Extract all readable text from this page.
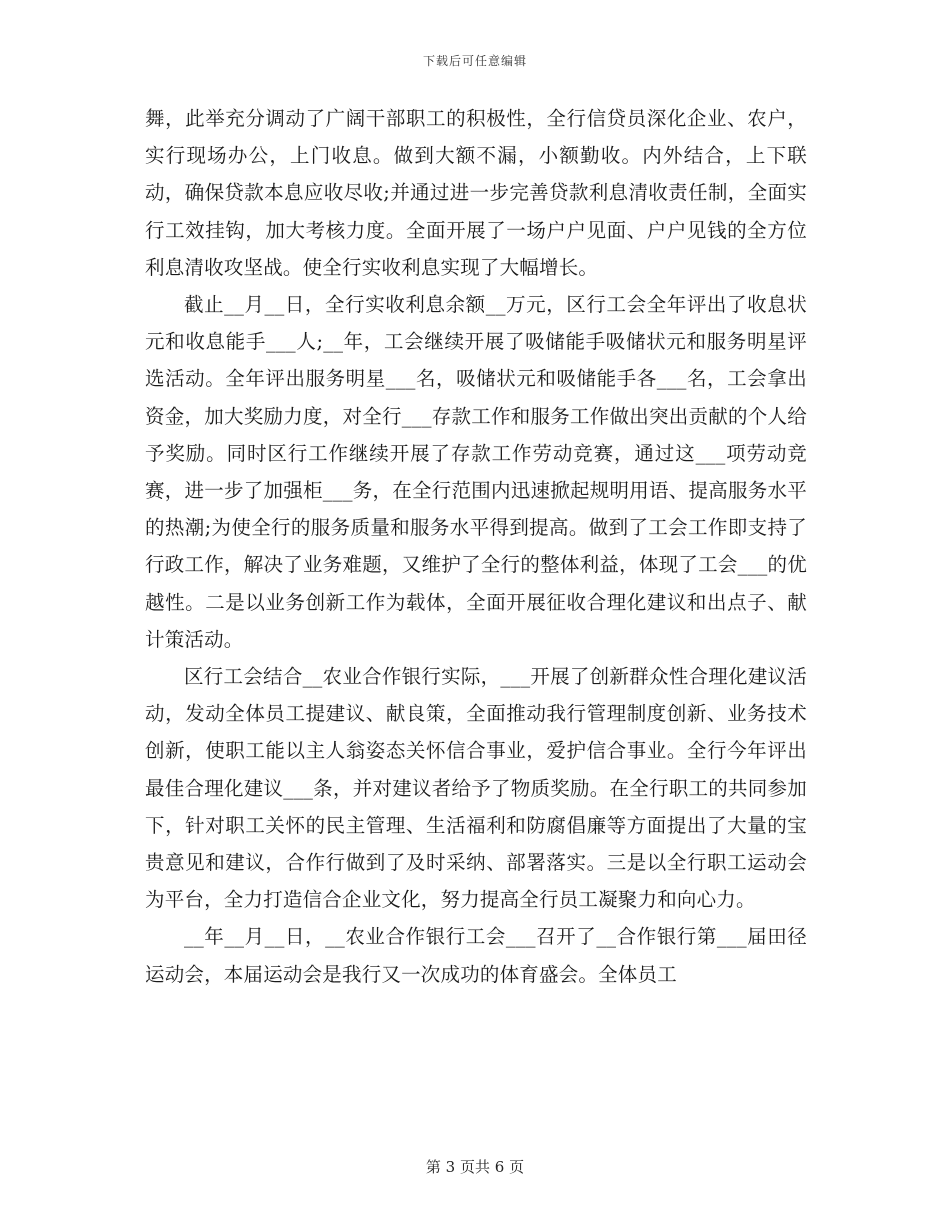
下载后可任意编辑

舞，此举充分调动了广阔干部职工的积极性，全行信贷员深化企业、农户，实行现场办公，上门收息。做到大额不漏，小额勤收。内外结合，上下联动，确保贷款本息应收尽收;并通过进一步完善贷款利息清收责任制，全面实行工效挂钩，加大考核力度。全面开展了一场户户见面、户户见钱的全方位利息清收攻坚战。使全行实收利息实现了大幅增长。

截止__月__日，全行实收利息余额__万元，区行工会全年评出了收息状元和收息能手___人;__年，工会继续开展了吸储能手吸储状元和服务明星评选活动。全年评出服务明星___名，吸储状元和吸储能手各___名，工会拿出资金，加大奖励力度，对全行___存款工作和服务工作做出突出贡献的个人给予奖励。同时区行工作继续开展了存款工作劳动竞赛，通过这___项劳动竞赛，进一步了加强柜___务，在全行范围内迅速掀起规明用语、提高服务水平的热潮;为使全行的服务质量和服务水平得到提高。做到了工会工作即支持了行政工作，解决了业务难题，又维护了全行的整体利益，体现了工会___的优越性。二是以业务创新工作为载体，全面开展征收合理化建议和出点子、献计策活动。

区行工会结合__农业合作银行实际，___开展了创新群众性合理化建议活动，发动全体员工提建议、献良策，全面推动我行管理制度创新、业务技术创新，使职工能以主人翁姿态关怀信合事业，爱护信合事业。全行今年评出最佳合理化建议___条，并对建议者给予了物质奖励。在全行职工的共同参加下，针对职工关怀的民主管理、生活福利和防腐倡廉等方面提出了大量的宝贵意见和建议，合作行做到了及时采纳、部署落实。三是以全行职工运动会为平台，全力打造信合企业文化，努力提高全行员工凝聚力和向心力。

__年__月__日，__农业合作银行工会___召开了__合作银行第___届田径运动会，本届运动会是我行又一次成功的体育盛会。全体员工

第 3 页共 6 页
